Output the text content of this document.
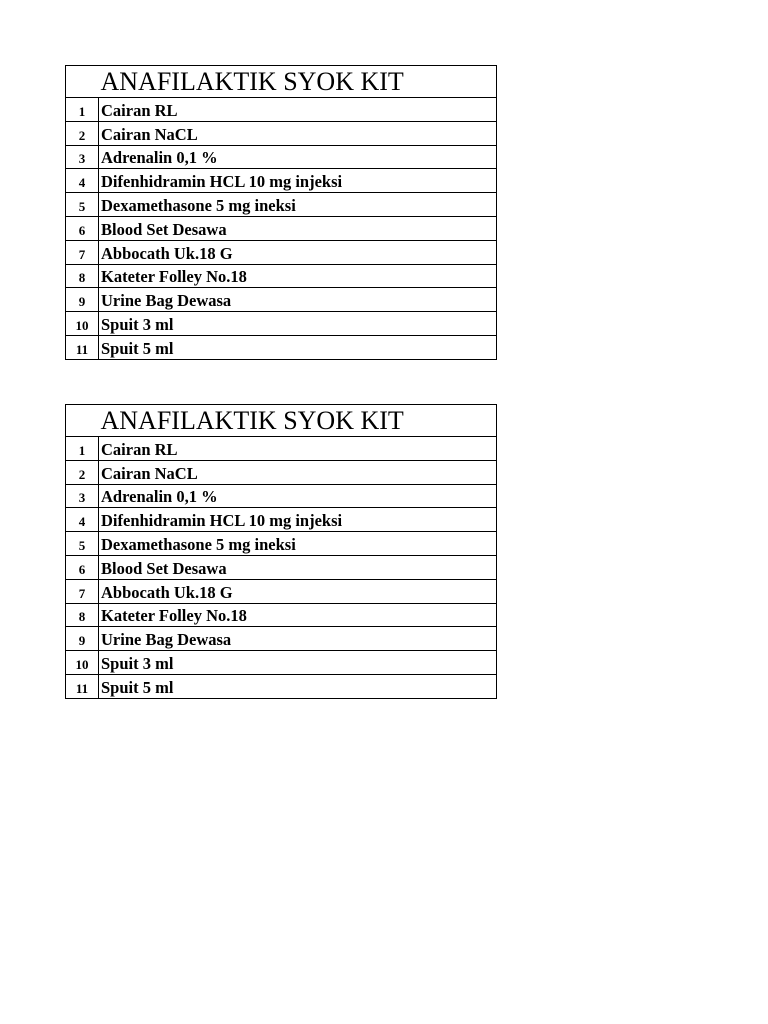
	ANAFILAKTIK SYOK KIT
1	Cairan RL
2	Cairan NaCL
3	Adrenalin 0,1 %
4	Difenhidramin HCL 10 mg injeksi
5	Dexamethasone 5 mg ineksi
6	Blood Set Desawa
7	Abbocath Uk.18 G
8	Kateter Folley No.18
9	Urine Bag Dewasa
10	Spuit 3 ml
11	Spuit 5 ml
	ANAFILAKTIK SYOK KIT
1	Cairan RL
2	Cairan NaCL
3	Adrenalin 0,1 %
4	Difenhidramin HCL 10 mg injeksi
5	Dexamethasone 5 mg ineksi
6	Blood Set Desawa
7	Abbocath Uk.18 G
8	Kateter Folley No.18
9	Urine Bag Dewasa
10	Spuit 3 ml
11	Spuit 5 ml
